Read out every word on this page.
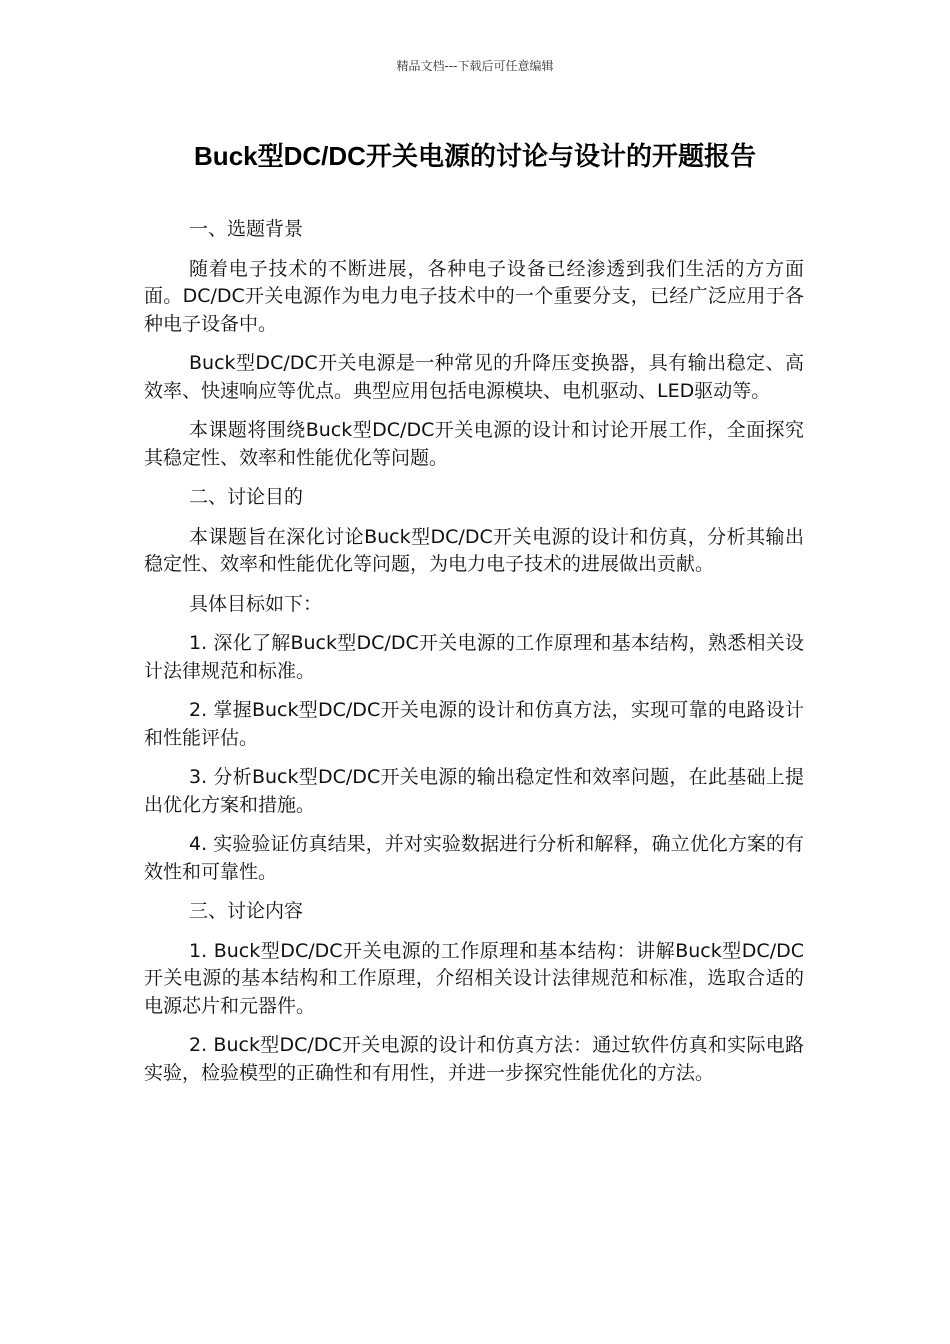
精品文档---下载后可任意编辑
Buck型DC/DC开关电源的讨论与设计的开题报告

一、选题背景

随着电子技术的不断进展，各种电子设备已经渗透到我们生活的方方面面。DC/DC开关电源作为电力电子技术中的一个重要分支，已经广泛应用于各种电子设备中。

Buck型DC/DC开关电源是一种常见的升降压变换器，具有输出稳定、高效率、快速响应等优点。典型应用包括电源模块、电机驱动、LED驱动等。

本课题将围绕Buck型DC/DC开关电源的设计和讨论开展工作，全面探究其稳定性、效率和性能优化等问题。

二、讨论目的

本课题旨在深化讨论Buck型DC/DC开关电源的设计和仿真，分析其输出稳定性、效率和性能优化等问题，为电力电子技术的进展做出贡献。

具体目标如下：

1. 深化了解Buck型DC/DC开关电源的工作原理和基本结构，熟悉相关设计法律规范和标准。

2. 掌握Buck型DC/DC开关电源的设计和仿真方法，实现可靠的电路设计和性能评估。

3. 分析Buck型DC/DC开关电源的输出稳定性和效率问题，在此基础上提出优化方案和措施。

4. 实验验证仿真结果，并对实验数据进行分析和解释，确立优化方案的有效性和可靠性。

三、讨论内容

1. Buck型DC/DC开关电源的工作原理和基本结构：讲解Buck型DC/DC开关电源的基本结构和工作原理，介绍相关设计法律规范和标准，选取合适的电源芯片和元器件。

2. Buck型DC/DC开关电源的设计和仿真方法：通过软件仿真和实际电路实验，检验模型的正确性和有用性，并进一步探究性能优化的方法。
